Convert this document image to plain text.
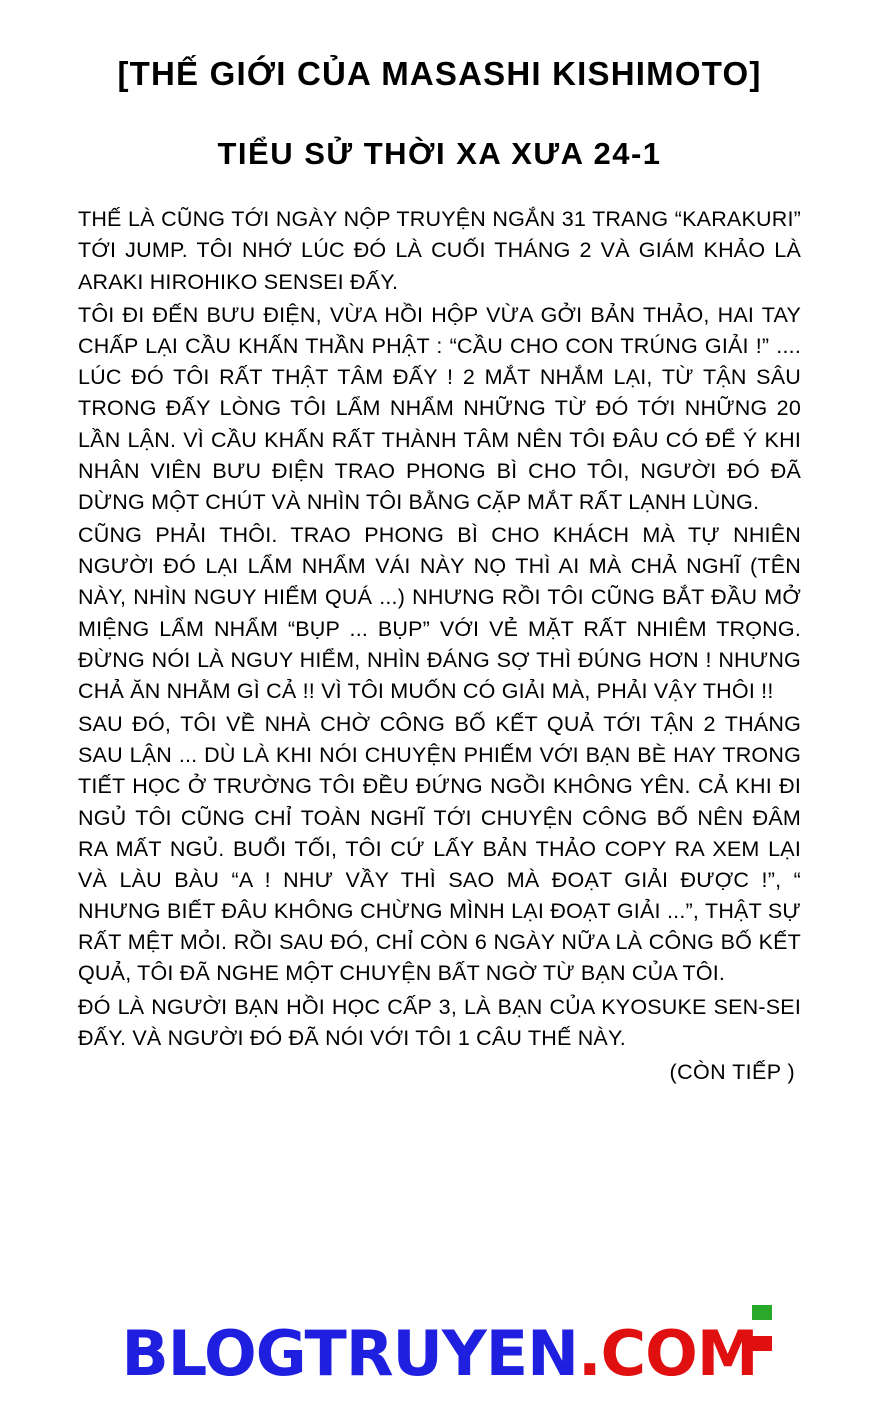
[THẾ GIỚI CỦA MASASHI KISHIMOTO]
TIỂU SỬ THỜI XA XƯA 24-1

THẾ LÀ CŨNG TỚI NGÀY NỘP TRUYỆN NGẮN 31 TRANG “KARAKURI” TỚI JUMP. TÔI NHỚ LÚC ĐÓ LÀ CUỐI THÁNG 2 VÀ GIÁM KHẢO LÀ ARAKI HIROHIKO SENSEI ĐẤY.

TÔI ĐI ĐẾN BƯU ĐIỆN, VỪA HỒI HỘP VỪA GỞI BẢN THẢO, HAI TAY CHẤP LẠI CẦU KHẤN THẦN PHẬT : “CẦU CHO CON TRÚNG GIẢI !” .... LÚC ĐÓ TÔI RẤT THẬT TÂM ĐẤY ! 2 MẮT NHẮM LẠI, TỪ TẬN SÂU TRONG ĐẤY LÒNG TÔI LẨM NHẨM NHỮNG TỪ ĐÓ TỚI NHỮNG 20 LẦN LẬN. VÌ CẦU KHẤN RẤT THÀNH TÂM NÊN TÔI ĐÂU CÓ ĐỂ Ý KHI NHÂN VIÊN BƯU ĐIỆN TRAO PHONG BÌ CHO TÔI, NGƯỜI ĐÓ ĐÃ DỪNG MỘT CHÚT VÀ NHÌN TÔI BẰNG CẶP MẮT RẤT LẠNH LÙNG.

CŨNG PHẢI THÔI. TRAO PHONG BÌ CHO KHÁCH MÀ TỰ NHIÊN NGƯỜI ĐÓ LẠI LẨM NHẨM VÁI NÀY NỌ THÌ AI MÀ CHẢ NGHĨ (TÊN NÀY, NHÌN NGUY HIỂM QUÁ ...) NHƯNG RỒI TÔI CŨNG BẮT ĐẦU MỞ MIỆNG LẨM NHẨM “BỤP ... BỤP” VỚI VẺ MẶT RẤT NHIÊM TRỌNG. ĐỪNG NÓI LÀ NGUY HIỂM, NHÌN ĐÁNG SỢ THÌ ĐÚNG HƠN ! NHƯNG CHẢ ĂN NHẰM GÌ CẢ !! VÌ TÔI MUỐN CÓ GIẢI MÀ, PHẢI VẬY THÔI !!

SAU ĐÓ, TÔI VỀ NHÀ CHỜ CÔNG BỐ KẾT QUẢ TỚI TẬN 2 THÁNG SAU LẬN ... DÙ LÀ KHI NÓI CHUYỆN PHIẾM VỚI BẠN BÈ HAY TRONG TIẾT HỌC Ở TRƯỜNG TÔI ĐỀU ĐỨNG NGỒI KHÔNG YÊN. CẢ KHI ĐI NGỦ TÔI CŨNG CHỈ TOÀN NGHĨ TỚI CHUYỆN CÔNG BỐ NÊN ĐÂM RA MẤT NGỦ. BUỔI TỐI, TÔI CỨ LẤY BẢN THẢO COPY RA XEM LẠI VÀ LÀU BÀU “A ! NHƯ VẦY THÌ SAO MÀ ĐOẠT GIẢI ĐƯỢC !”, “ NHƯNG BIẾT ĐÂU KHÔNG CHỪNG MÌNH LẠI ĐOẠT GIẢI ...”, THẬT SỰ RẤT MỆT MỎI. RỒI SAU ĐÓ, CHỈ CÒN 6 NGÀY NỮA LÀ CÔNG BỐ KẾT QUẢ, TÔI ĐÃ NGHE MỘT CHUYỆN BẤT NGỜ TỪ BẠN CỦA TÔI.

ĐÓ LÀ NGƯỜI BẠN HỒI HỌC CẤP 3, LÀ BẠN CỦA KYOSUKE SEN-SEI ĐẤY. VÀ NGƯỜI ĐÓ ĐÃ NÓI VỚI TÔI 1 CÂU THẾ NÀY.

(CÒN TIẾP )
BLOGTRUYEN.COM
